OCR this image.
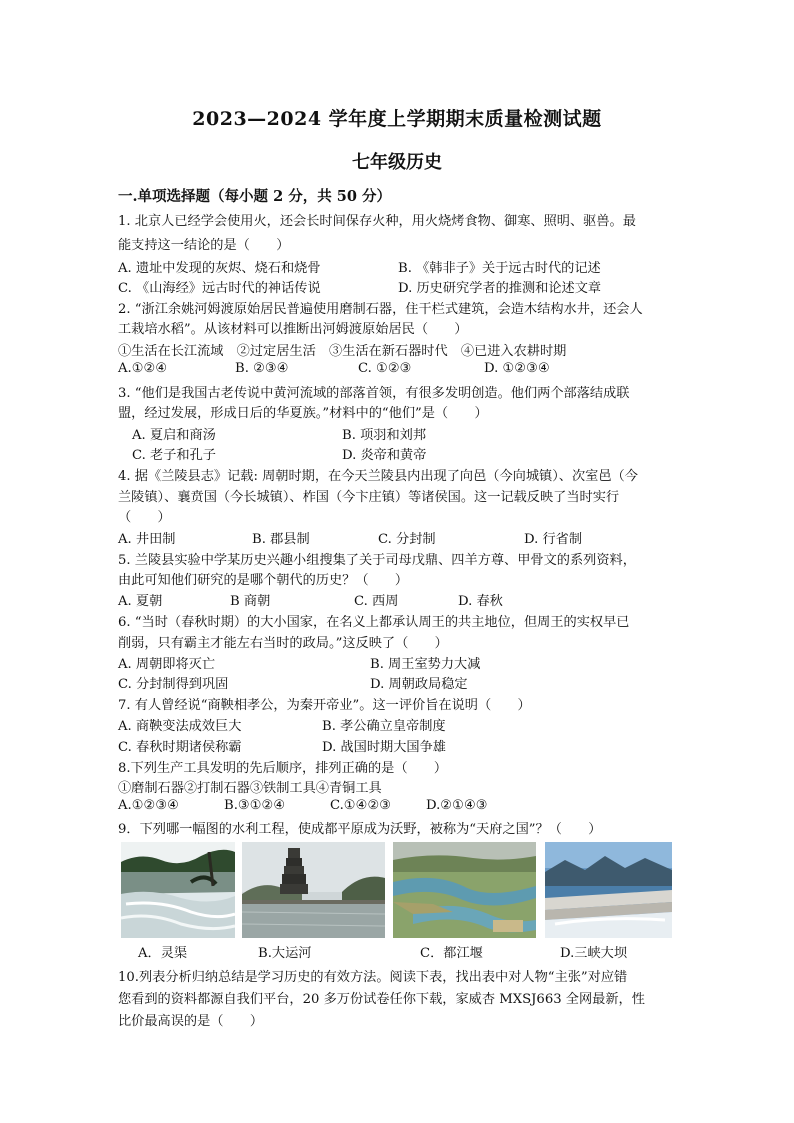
2023—2024 学年度上学期期末质量检测试题
七年级历史
一.单项选择题（每小题 2 分，共 50 分）
1. 北京人已经学会使用火，还会长时间保存火种，用火烧烤食物、御寒、照明、驱兽。最
能支持这一结论的是（　　）
A. 遗址中发现的灰烬、烧石和烧骨	B. 《韩非子》关于远古时代的记述
C. 《山海经》远古时代的神话传说	D. 历史研究学者的推测和论述文章
2. “浙江余姚河姆渡原始居民普遍使用磨制石器，住干栏式建筑，会造木结构水井，还会人
工栽培水稻”。从该材料可以推断出河姆渡原始居民（　　）
①生活在长江流域　②过定居生活　③生活在新石器时代　④已进入农耕时期
A.①②④	B. ②③④	C. ①②③	D. ①②③④
3. “他们是我国古老传说中黄河流域的部落首领，有很多发明创造。他们两个部落结成联
盟，经过发展，形成日后的华夏族。”材料中的“他们”是（　　）
A. 夏启和商汤	B. 项羽和刘邦
C. 老子和孔子	D. 炎帝和黄帝
4. 据《兰陵县志》记载: 周朝时期，在今天兰陵县内出现了向邑（今向城镇）、次室邑（今
兰陵镇）、襄贲国（今长城镇）、柞国（今卞庄镇）等诸侯国。这一记载反映了当时实行
（　　）
A. 井田制	B. 郡县制	C. 分封制	D. 行省制
5. 兰陵县实验中学某历史兴趣小组搜集了关于司母戊鼎、四羊方尊、甲骨文的系列资料，
由此可知他们研究的是哪个朝代的历史？（　　）
A. 夏朝	B 商朝	C. 西周	D. 春秋
6. “当时（春秋时期）的大小国家，在名义上都承认周王的共主地位，但周王的实权早已
削弱，只有霸主才能左右当时的政局。”这反映了（　　）
A. 周朝即将灭亡	B. 周王室势力大减
C. 分封制得到巩固	D. 周朝政局稳定
7. 有人曾经说“商鞅相孝公，为秦开帝业”。这一评价旨在说明（　　）
A. 商鞅变法成效巨大	B. 孝公确立皇帝制度
C. 春秋时期诸侯称霸	D. 战国时期大国争雄
8.下列生产工具发明的先后顺序，排列正确的是（　　）
①磨制石器②打制石器③铁制工具④青铜工具
A.①②③④	B.③①②④	C.①④②③	D.②①④③
9．下列哪一幅图的水利工程，使成都平原成为沃野，被称为“天府之国”？（　　）
A．灵渠	B.大运河	C．都江堰	D.三峡大坝
10.列表分析归纳总结是学习历史的有效方法。阅读下表，找出表中对人物“主张”对应错
您看到的资料都源自我们平台，20 多万份试卷任你下载，家威杏 MXSJ663 全网最新，性
比价最高误的是（　　）
